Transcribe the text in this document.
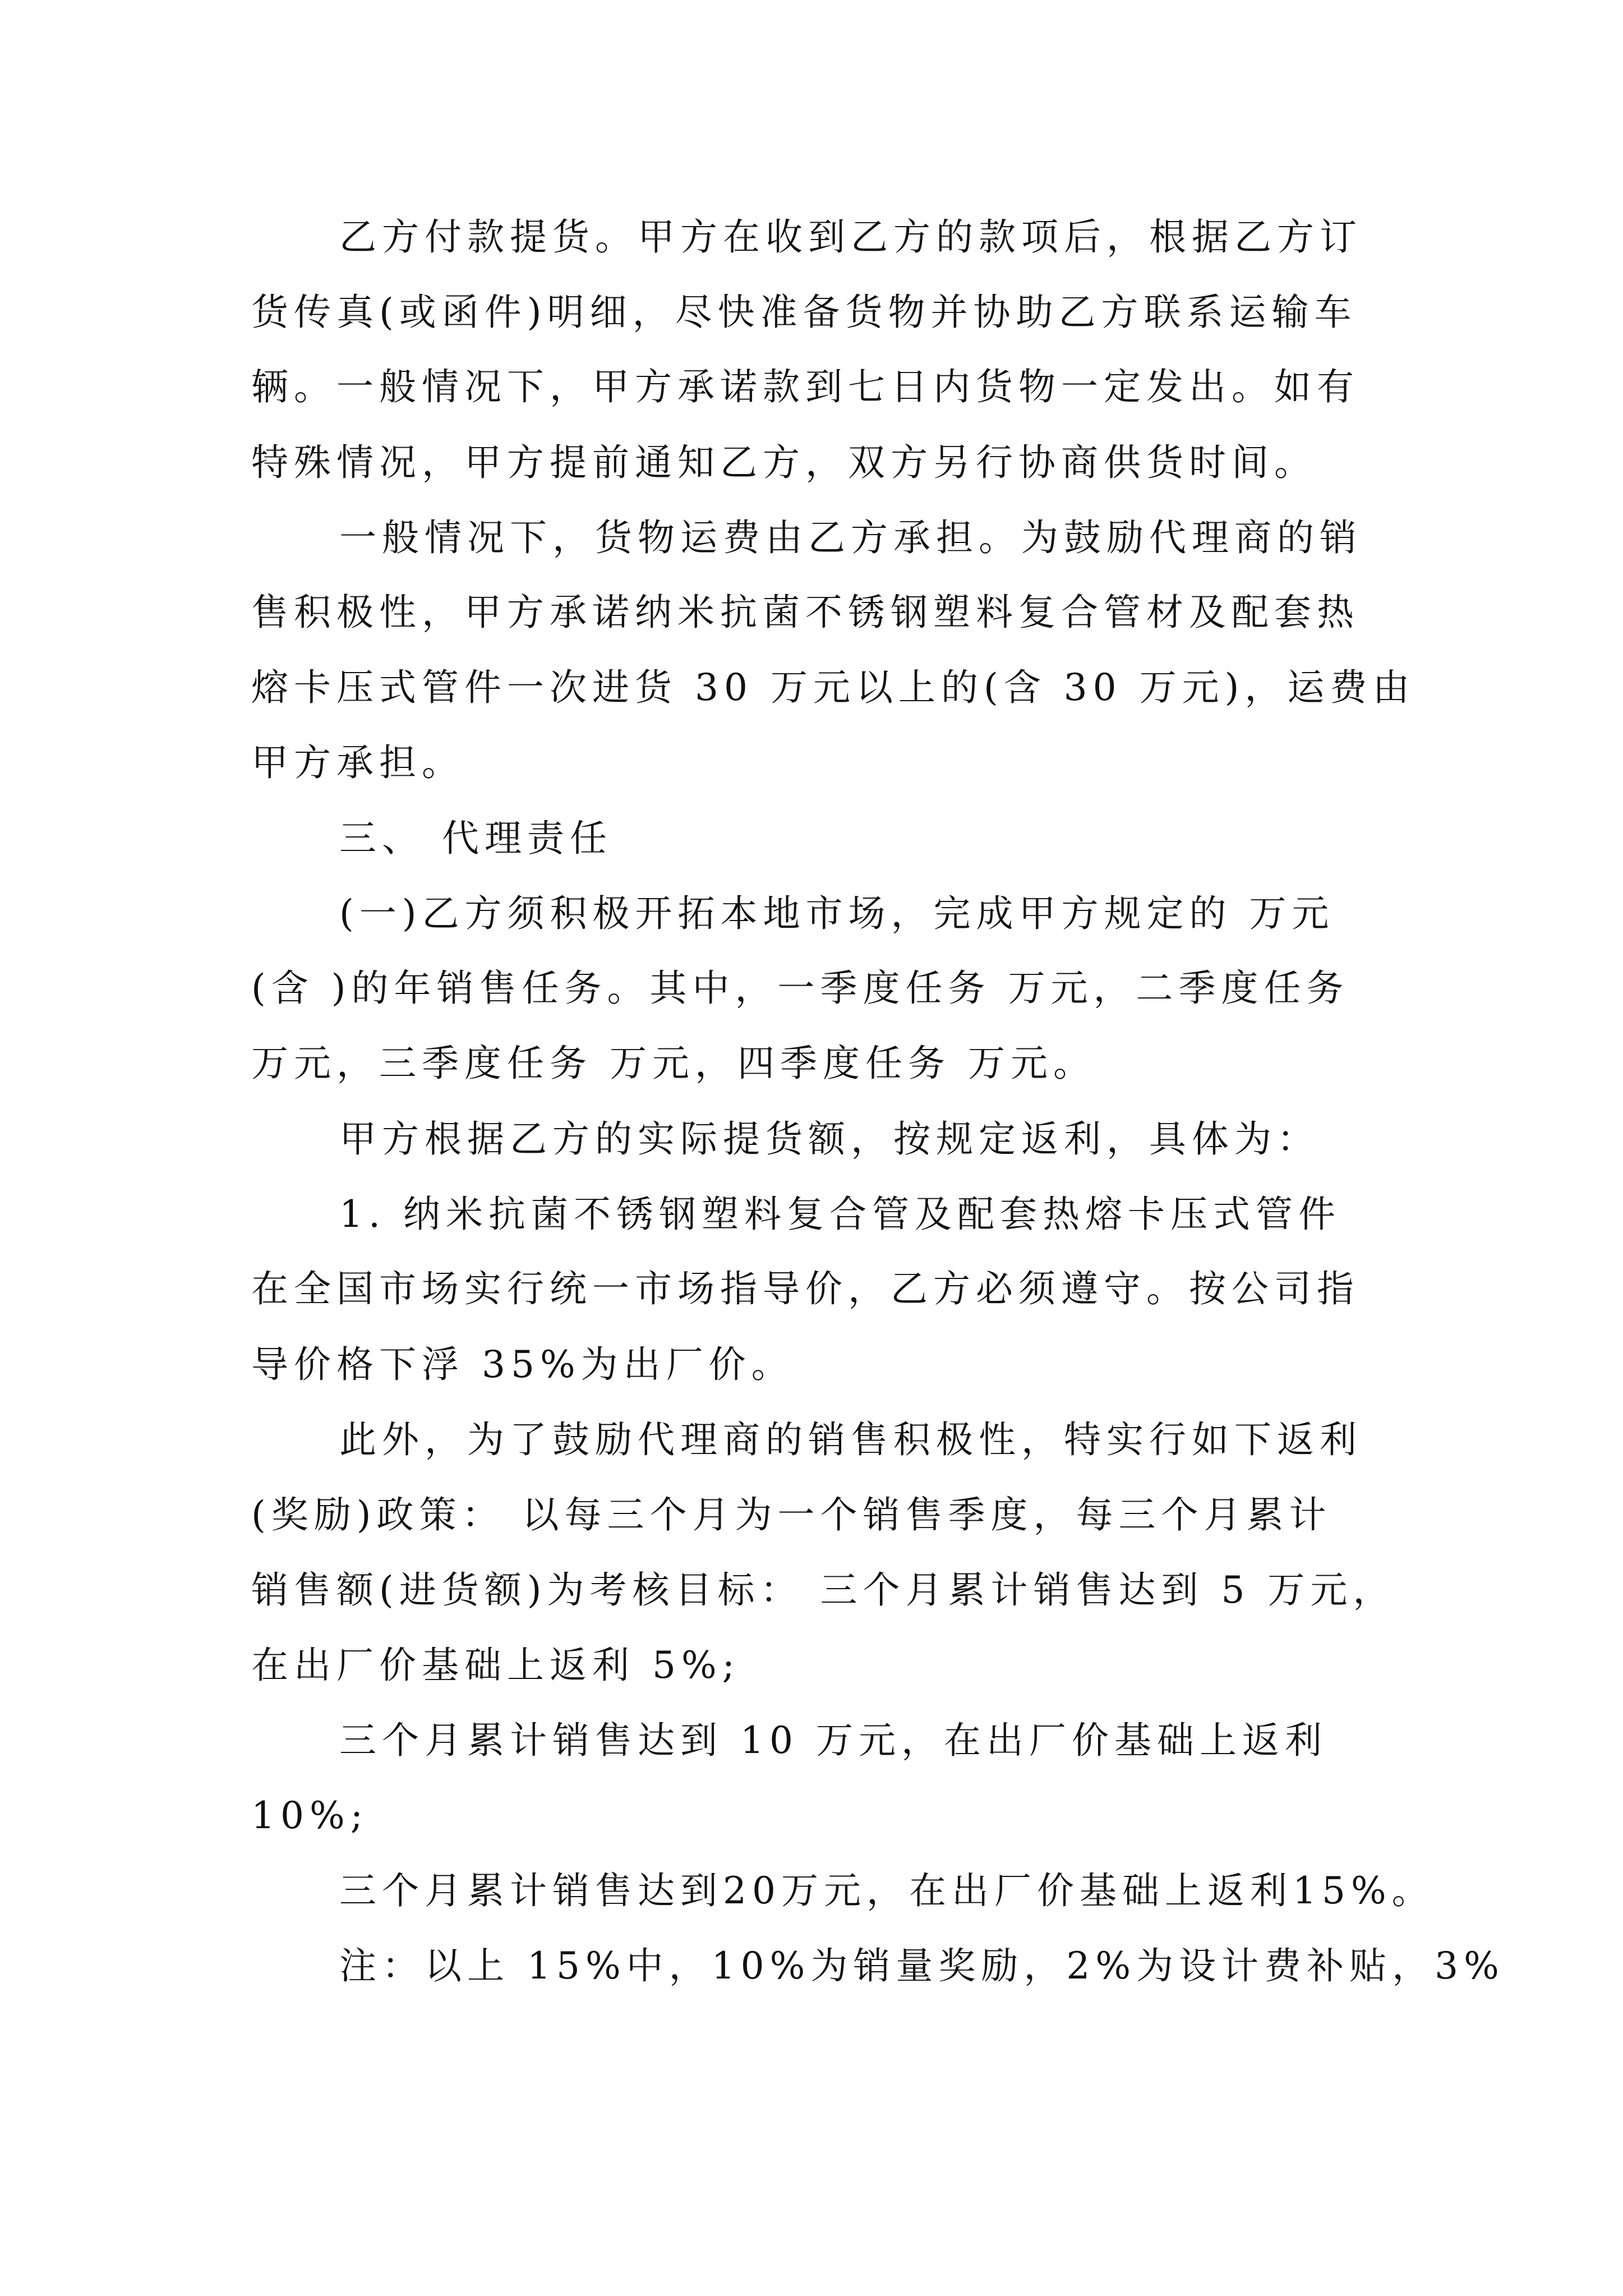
乙方付款提货。甲方在收到乙方的款项后，根据乙方订
货传真(或函件)明细，尽快准备货物并协助乙方联系运输车
辆。一般情况下，甲方承诺款到七日内货物一定发出。如有
特殊情况，甲方提前通知乙方，双方另行协商供货时间。
一般情况下，货物运费由乙方承担。为鼓励代理商的销
售积极性，甲方承诺纳米抗菌不锈钢塑料复合管材及配套热
熔卡压式管件一次进货 30 万元以上的(含 30 万元)，运费由
甲方承担。
三、 代理责任
(一)乙方须积极开拓本地市场，完成甲方规定的 万元
(含 )的年销售任务。其中，一季度任务 万元，二季度任务
万元，三季度任务 万元，四季度任务 万元。
甲方根据乙方的实际提货额，按规定返利，具体为：
1. 纳米抗菌不锈钢塑料复合管及配套热熔卡压式管件
在全国市场实行统一市场指导价，乙方必须遵守。按公司指
导价格下浮 35%为出厂价。
此外，为了鼓励代理商的销售积极性，特实行如下返利
(奖励)政策： 以每三个月为一个销售季度，每三个月累计
销售额(进货额)为考核目标： 三个月累计销售达到 5 万元，
在出厂价基础上返利 5%;
三个月累计销售达到 10 万元，在出厂价基础上返利
10%;
三个月累计销售达到20万元，在出厂价基础上返利15%。
注：以上 15%中，10%为销量奖励，2%为设计费补贴，3%
